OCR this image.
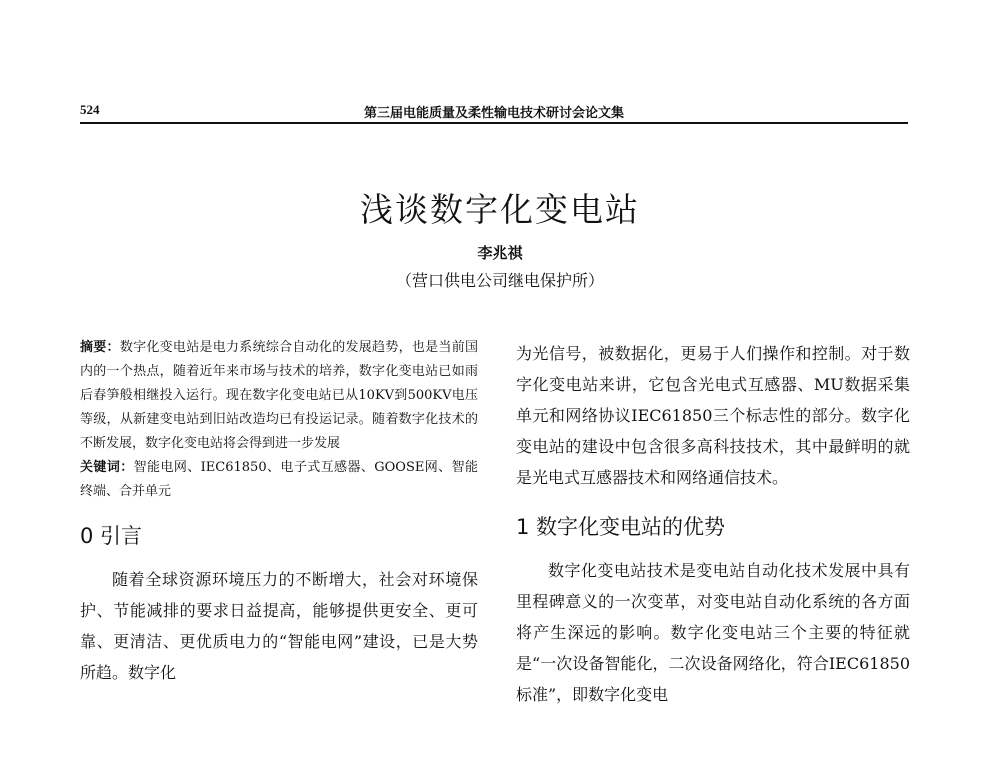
524	第三届电能质量及柔性输电技术研讨会论文集
浅谈数字化变电站
李兆祺
（营口供电公司继电保护所）

摘要：数字化变电站是电力系统综合自动化的发展趋势，也是当前国内的一个热点，随着近年来市场与技术的培养，数字化变电站已如雨后春笋般相继投入运行。现在数字化变电站已从10KV到500KV电压等级，从新建变电站到旧站改造均已有投运记录。随着数字化技术的不断发展，数字化变电站将会得到进一步发展

关键词：智能电网、IEC61850、电子式互感器、GOOSE网、智能终端、合并单元

0 引言

随着全球资源环境压力的不断增大，社会对环境保护、节能减排的要求日益提高，能够提供更安全、更可靠、更清洁、更优质电力的“智能电网”建设，已是大势所趋。数字化

为光信号，被数据化，更易于人们操作和控制。对于数字化变电站来讲，它包含光电式互感器、MU数据采集单元和网络协议IEC61850三个标志性的部分。数字化变电站的建设中包含很多高科技技术，其中最鲜明的就是光电式互感器技术和网络通信技术。

1 数字化变电站的优势

数字化变电站技术是变电站自动化技术发展中具有里程碑意义的一次变革，对变电站自动化系统的各方面将产生深远的影响。数字化变电站三个主要的特征就是“一次设备智能化，二次设备网络化，符合IEC61850标准”，即数字化变电
